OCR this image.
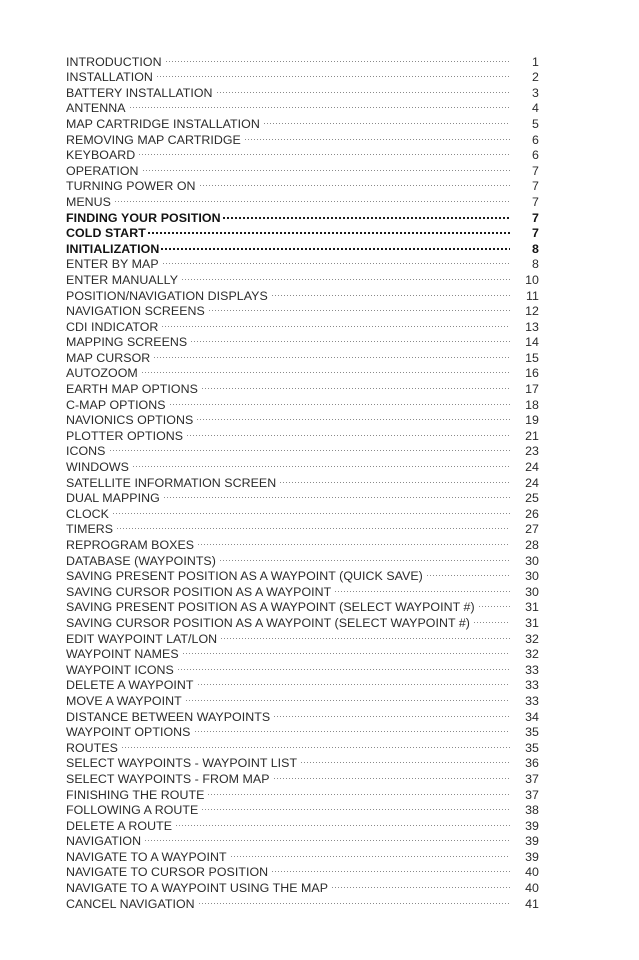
INTRODUCTION	1
INSTALLATION	2
BATTERY INSTALLATION	3
ANTENNA	4
MAP CARTRIDGE INSTALLATION	5
REMOVING MAP CARTRIDGE	6
KEYBOARD	6
OPERATION	7
TURNING POWER ON	7
MENUS	7
FINDING YOUR POSITION	7
COLD START	7
INITIALIZATION	8
ENTER BY MAP	8
ENTER MANUALLY	10
POSITION/NAVIGATION DISPLAYS	11
NAVIGATION SCREENS	12
CDI INDICATOR	13
MAPPING SCREENS	14
MAP CURSOR	15
AUTOZOOM	16
EARTH MAP OPTIONS	17
C-MAP OPTIONS	18
NAVIONICS OPTIONS	19
PLOTTER OPTIONS	21
ICONS	23
WINDOWS	24
SATELLITE INFORMATION SCREEN	24
DUAL MAPPING	25
CLOCK	26
TIMERS	27
REPROGRAM BOXES	28
DATABASE (WAYPOINTS)	30
SAVING PRESENT POSITION AS A WAYPOINT (QUICK SAVE)	30
SAVING CURSOR POSITION AS A WAYPOINT	30
SAVING PRESENT POSITION AS A WAYPOINT (SELECT WAYPOINT #)	31
SAVING CURSOR POSITION AS A WAYPOINT (SELECT WAYPOINT #)	31
EDIT WAYPOINT LAT/LON	32
WAYPOINT NAMES	32
WAYPOINT ICONS	33
DELETE A WAYPOINT	33
MOVE A WAYPOINT	33
DISTANCE BETWEEN WAYPOINTS	34
WAYPOINT OPTIONS	35
ROUTES	35
SELECT WAYPOINTS - WAYPOINT LIST	36
SELECT WAYPOINTS - FROM MAP	37
FINISHING THE ROUTE	37
FOLLOWING A ROUTE	38
DELETE A ROUTE	39
NAVIGATION	39
NAVIGATE TO A WAYPOINT	39
NAVIGATE TO CURSOR POSITION	40
NAVIGATE TO A WAYPOINT USING THE MAP	40
CANCEL NAVIGATION	41
